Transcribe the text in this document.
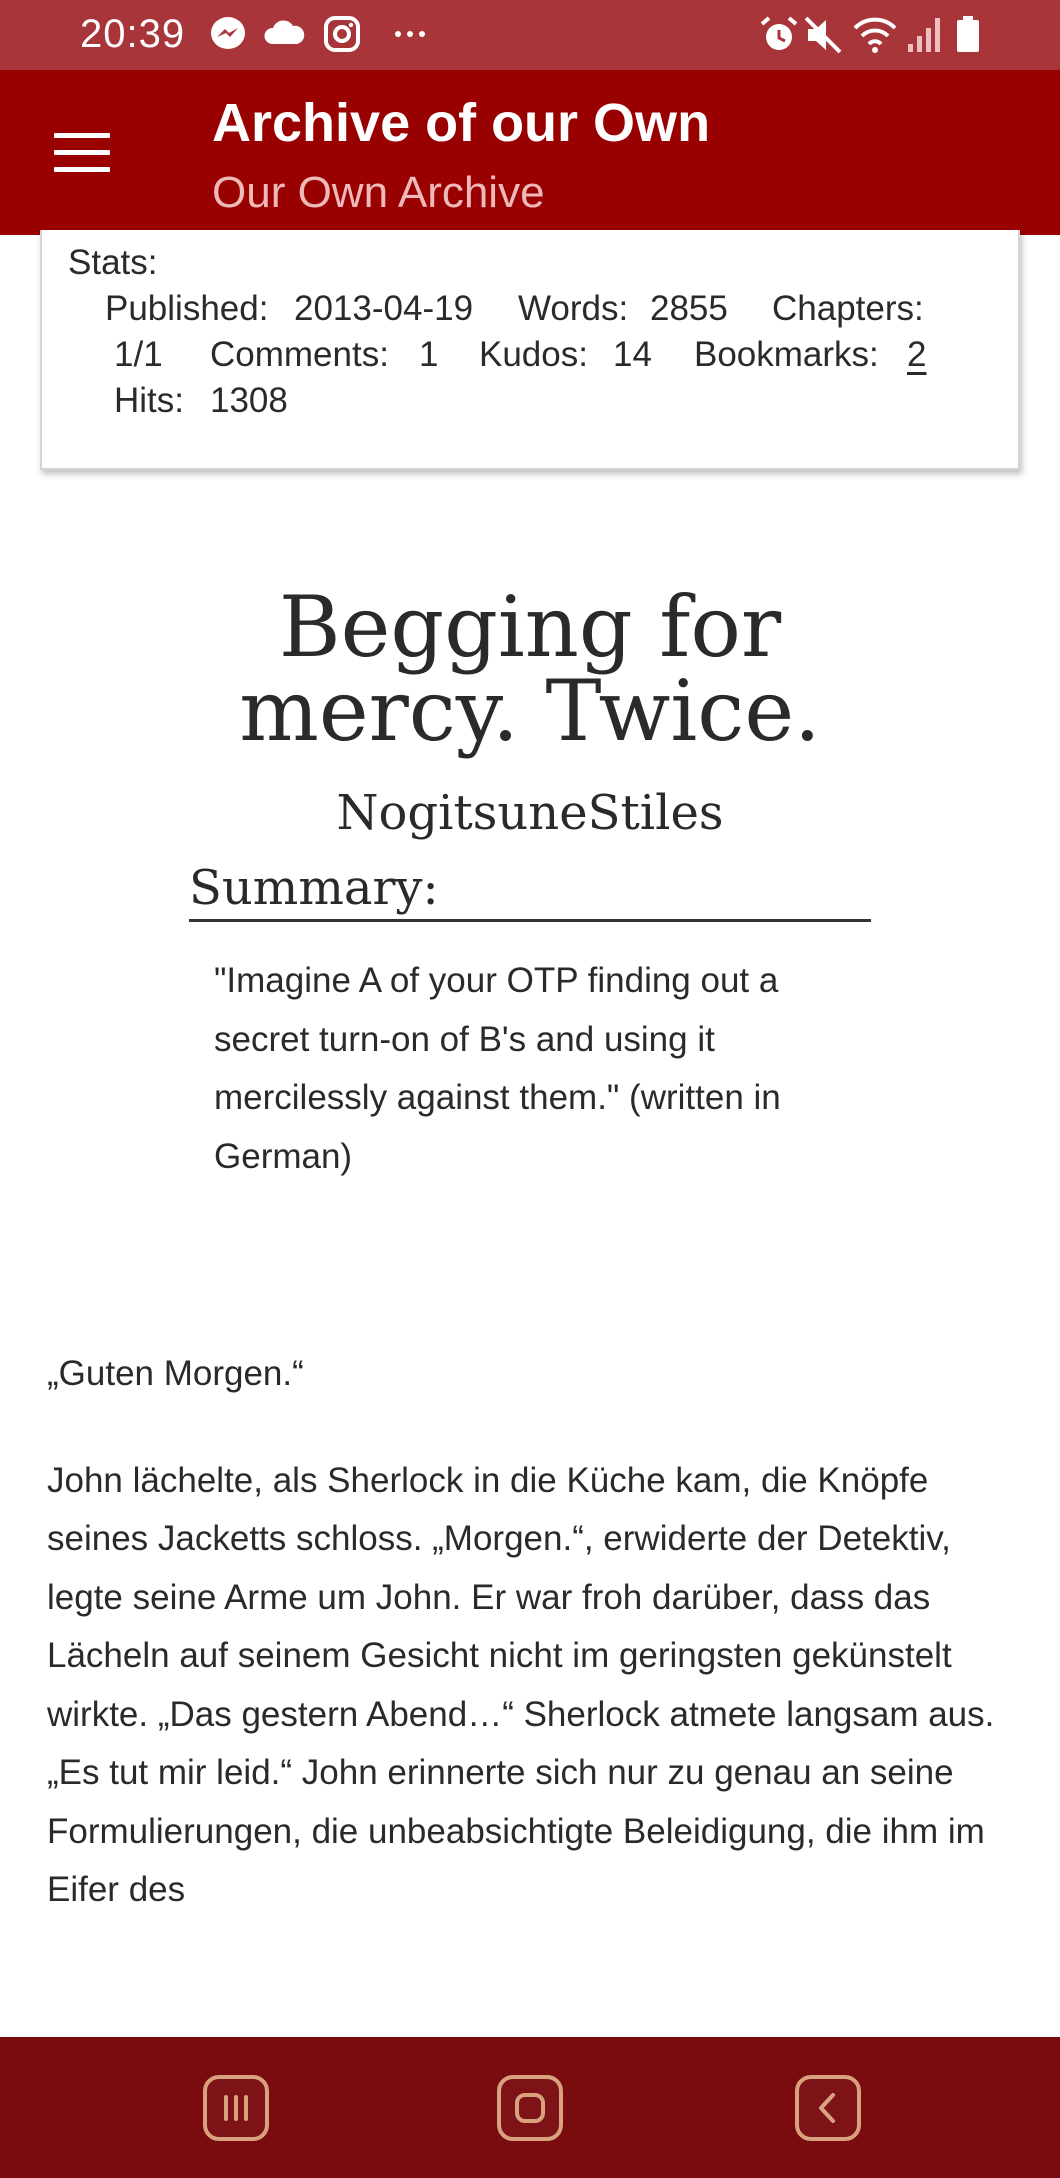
20:39
Archive of our Own
Our Own Archive
Stats:
Published: 2013-04-19 Words: 2855 Chapters:
1/1 Comments: 1 Kudos: 14 Bookmarks: 2
Hits: 1308
Begging for mercy. Twice.
NogitsuneStiles
Summary:
"Imagine A of your OTP finding out a secret turn-on of B's and using it mercilessly against them." (written in German)

„Guten Morgen.“

John lächelte, als Sherlock in die Küche kam, die Knöpfe seines Jacketts schloss. „Morgen.“, erwiderte der Detektiv, legte seine Arme um John. Er war froh darüber, dass das Lächeln auf seinem Gesicht nicht im geringsten gekünstelt wirkte. „Das gestern Abend…“ Sherlock atmete langsam aus. „Es tut mir leid.“ John erinnerte sich nur zu genau an seine Formulierungen, die unbeabsichtigte Beleidigung, die ihm im Eifer des
